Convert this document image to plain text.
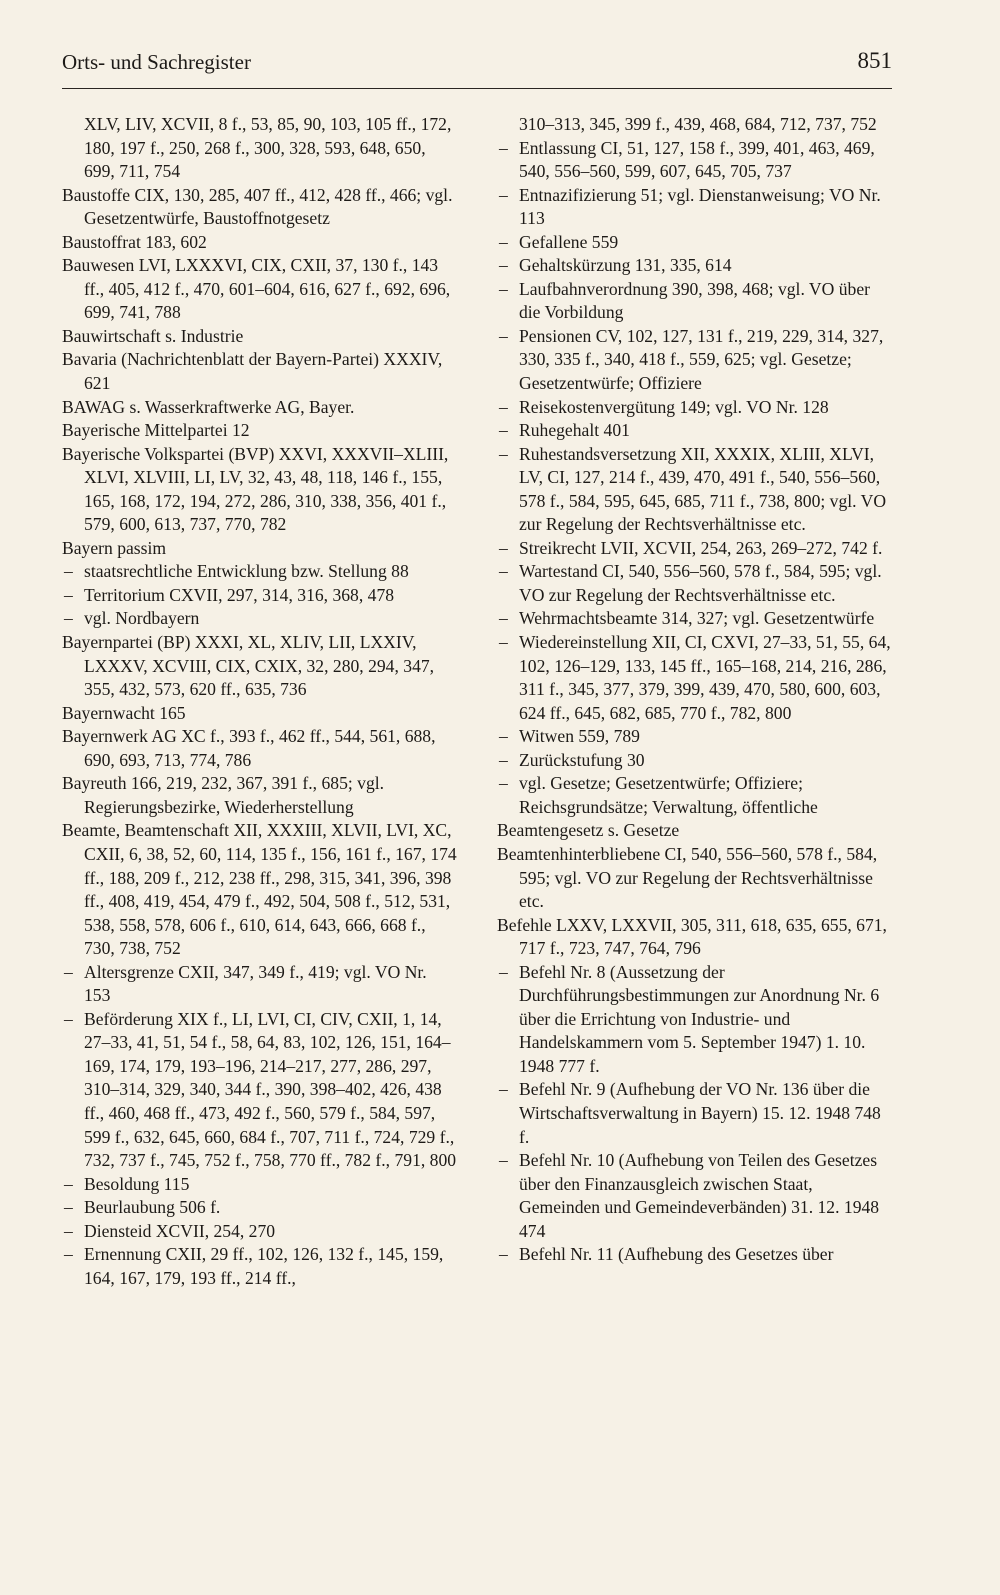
Orts- und Sachregister	851
XLV, LIV, XCVII, 8 f., 53, 85, 90, 103, 105 ff., 172, 180, 197 f., 250, 268 f., 300, 328, 593, 648, 650, 699, 711, 754
Baustoffe CIX, 130, 285, 407 ff., 412, 428 ff., 466; vgl. Gesetzentwürfe, Baustoffnotgesetz
Baustoffrat 183, 602
Bauwesen LVI, LXXXVI, CIX, CXII, 37, 130 f., 143 ff., 405, 412 f., 470, 601–604, 616, 627 f., 692, 696, 699, 741, 788
Bauwirtschaft s. Industrie
Bavaria (Nachrichtenblatt der Bayern-Partei) XXXIV, 621
BAWAG s. Wasserkraftwerke AG, Bayer.
Bayerische Mittelpartei 12
Bayerische Volkspartei (BVP) XXVI, XXXVII–XLIII, XLVI, XLVIII, LI, LV, 32, 43, 48, 118, 146 f., 155, 165, 168, 172, 194, 272, 286, 310, 338, 356, 401 f., 579, 600, 613, 737, 770, 782
Bayern passim
– staatsrechtliche Entwicklung bzw. Stellung 88
– Territorium CXVII, 297, 314, 316, 368, 478
– vgl. Nordbayern
Bayernpartei (BP) XXXI, XL, XLIV, LII, LXXIV, LXXXV, XCVIII, CIX, CXIX, 32, 280, 294, 347, 355, 432, 573, 620 ff., 635, 736
Bayernwacht 165
Bayernwerk AG XC f., 393 f., 462 ff., 544, 561, 688, 690, 693, 713, 774, 786
Bayreuth 166, 219, 232, 367, 391 f., 685; vgl. Regierungsbezirke, Wiederherstellung
Beamte, Beamtenschaft XII, XXXIII, XLVII, LVI, XC, CXII, 6, 38, 52, 60, 114, 135 f., 156, 161 f., 167, 174 ff., 188, 209 f., 212, 238 ff., 298, 315, 341, 396, 398 ff., 408, 419, 454, 479 f., 492, 504, 508 f., 512, 531, 538, 558, 578, 606 f., 610, 614, 643, 666, 668 f., 730, 738, 752
– Altersgrenze CXII, 347, 349 f., 419; vgl. VO Nr. 153
– Beförderung XIX f., LI, LVI, CI, CIV, CXII, 1, 14, 27–33, 41, 51, 54 f., 58, 64, 83, 102, 126, 151, 164–169, 174, 179, 193–196, 214–217, 277, 286, 297, 310–314, 329, 340, 344 f., 390, 398–402, 426, 438 ff., 460, 468 ff., 473, 492 f., 560, 579 f., 584, 597, 599 f., 632, 645, 660, 684 f., 707, 711 f., 724, 729 f., 732, 737 f., 745, 752 f., 758, 770 ff., 782 f., 791, 800
– Besoldung 115
– Beurlaubung 506 f.
– Diensteid XCVII, 254, 270
– Ernennung CXII, 29 ff., 102, 126, 132 f., 145, 159, 164, 167, 179, 193 ff., 214 ff.,
310–313, 345, 399 f., 439, 468, 684, 712, 737, 752
– Entlassung CI, 51, 127, 158 f., 399, 401, 463, 469, 540, 556–560, 599, 607, 645, 705, 737
– Entnazifizierung 51; vgl. Dienstanweisung; VO Nr. 113
– Gefallene 559
– Gehaltskürzung 131, 335, 614
– Laufbahnverordnung 390, 398, 468; vgl. VO über die Vorbildung
– Pensionen CV, 102, 127, 131 f., 219, 229, 314, 327, 330, 335 f., 340, 418 f., 559, 625; vgl. Gesetze; Gesetzentwürfe; Offiziere
– Reisekostenvergütung 149; vgl. VO Nr. 128
– Ruhegehalt 401
– Ruhestandsversetzung XII, XXXIX, XLIII, XLVI, LV, CI, 127, 214 f., 439, 470, 491 f., 540, 556–560, 578 f., 584, 595, 645, 685, 711 f., 738, 800; vgl. VO zur Regelung der Rechtsverhältnisse etc.
– Streikrecht LVII, XCVII, 254, 263, 269–272, 742 f.
– Wartestand CI, 540, 556–560, 578 f., 584, 595; vgl. VO zur Regelung der Rechtsverhältnisse etc.
– Wehrmachtsbeamte 314, 327; vgl. Gesetzentwürfe
– Wiedereinstellung XII, CI, CXVI, 27–33, 51, 55, 64, 102, 126–129, 133, 145 ff., 165–168, 214, 216, 286, 311 f., 345, 377, 379, 399, 439, 470, 580, 600, 603, 624 ff., 645, 682, 685, 770 f., 782, 800
– Witwen 559, 789
– Zurückstufung 30
– vgl. Gesetze; Gesetzentwürfe; Offiziere; Reichsgrundsätze; Verwaltung, öffentliche
Beamtengesetz s. Gesetze
Beamtenhinterbliebene CI, 540, 556–560, 578 f., 584, 595; vgl. VO zur Regelung der Rechtsverhältnisse etc.
Befehle LXXV, LXXVII, 305, 311, 618, 635, 655, 671, 717 f., 723, 747, 764, 796
– Befehl Nr. 8 (Aussetzung der Durchführungsbestimmungen zur Anordnung Nr. 6 über die Errichtung von Industrie- und Handelskammern vom 5. September 1947) 1. 10. 1948 777 f.
– Befehl Nr. 9 (Aufhebung der VO Nr. 136 über die Wirtschaftsverwaltung in Bayern) 15. 12. 1948 748 f.
– Befehl Nr. 10 (Aufhebung von Teilen des Gesetzes über den Finanzausgleich zwischen Staat, Gemeinden und Gemeindeverbänden) 31. 12. 1948 474
– Befehl Nr. 11 (Aufhebung des Gesetzes über
